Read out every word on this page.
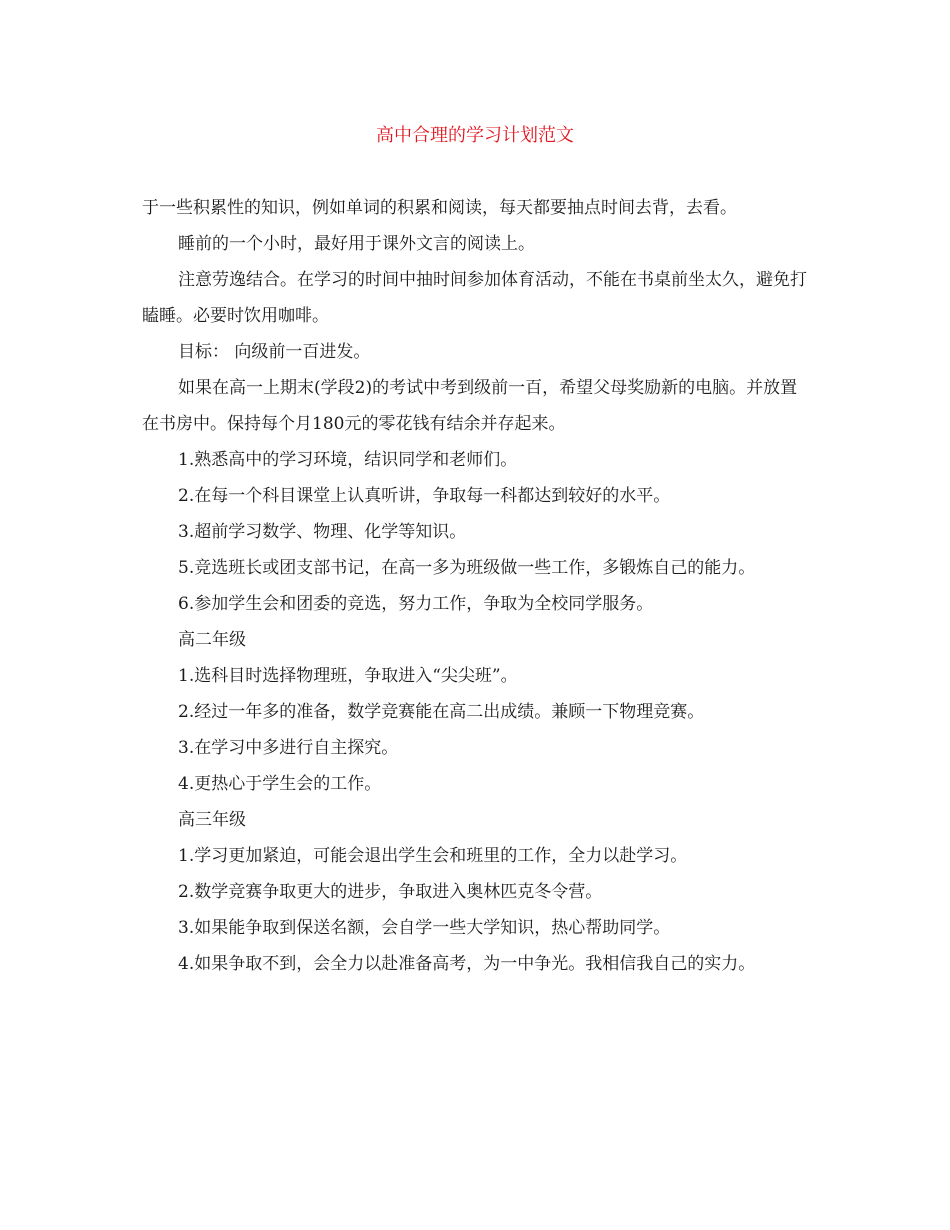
高中合理的学习计划范文

于一些积累性的知识，例如单词的积累和阅读，每天都要抽点时间去背，去看。

睡前的一个小时，最好用于课外文言的阅读上。

注意劳逸结合。在学习的时间中抽时间参加体育活动，不能在书桌前坐太久，避免打瞌睡。必要时饮用咖啡。

目标： 向级前一百进发。

如果在高一上期末(学段2)的考试中考到级前一百，希望父母奖励新的电脑。并放置在书房中。保持每个月180元的零花钱有结余并存起来。

1.熟悉高中的学习环境，结识同学和老师们。

2.在每一个科目课堂上认真听讲，争取每一科都达到较好的水平。

3.超前学习数学、物理、化学等知识。

5.竞选班长或团支部书记，在高一多为班级做一些工作，多锻炼自己的能力。

6.参加学生会和团委的竞选，努力工作，争取为全校同学服务。

高二年级

1.选科目时选择物理班，争取进入“尖尖班”。

2.经过一年多的准备，数学竞赛能在高二出成绩。兼顾一下物理竞赛。

3.在学习中多进行自主探究。

4.更热心于学生会的工作。

高三年级

1.学习更加紧迫，可能会退出学生会和班里的工作，全力以赴学习。

2.数学竞赛争取更大的进步，争取进入奥林匹克冬令营。

3.如果能争取到保送名额，会自学一些大学知识，热心帮助同学。

4.如果争取不到，会全力以赴准备高考，为一中争光。我相信我自己的实力。
